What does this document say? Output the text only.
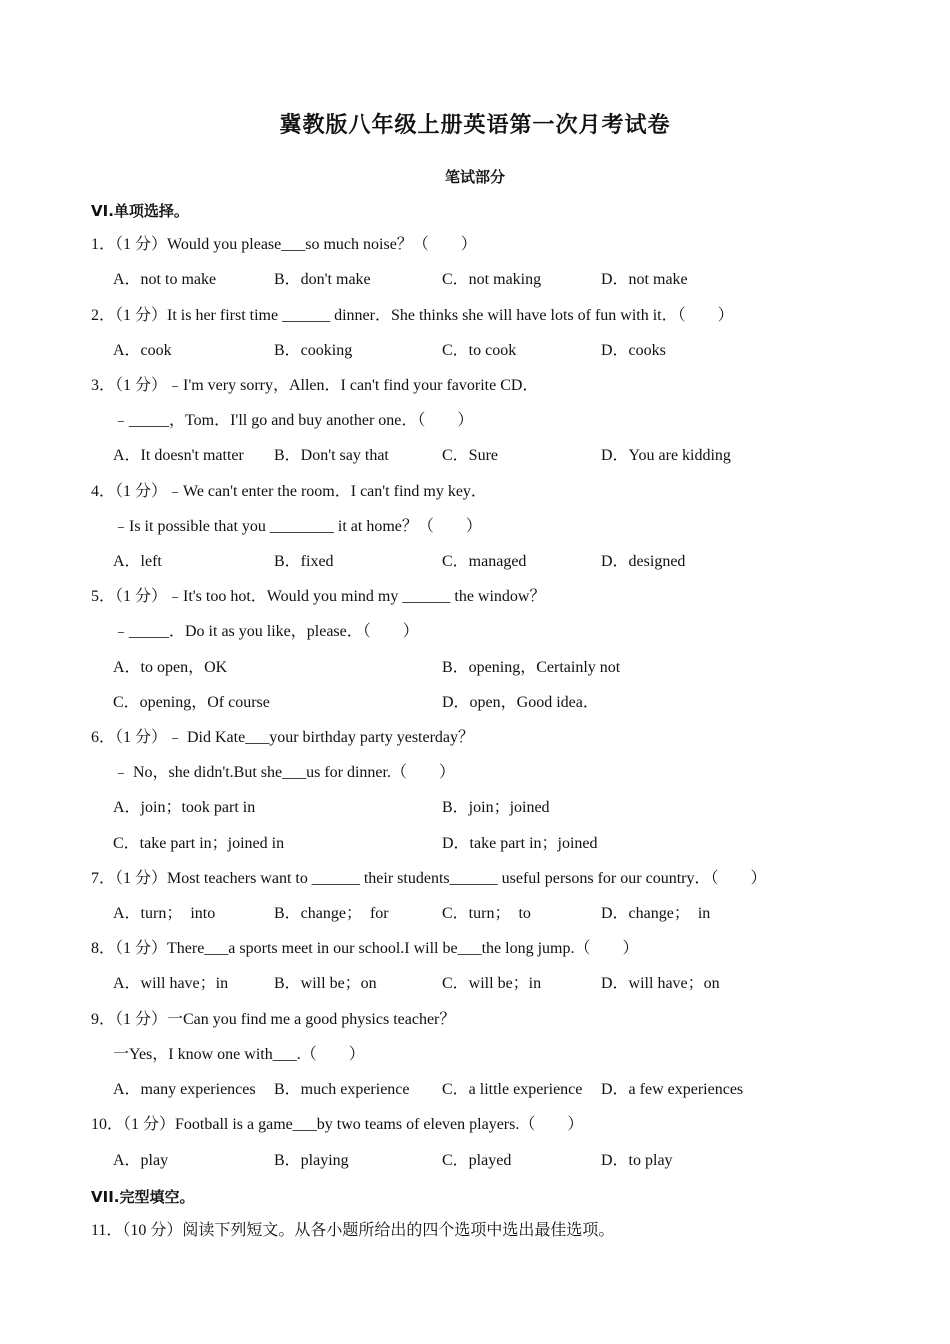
冀教版八年级上册英语第一次月考试卷
笔试部分
VI.单项选择。
1．（1 分）Would you please___so much noise？（　　）
A．not to make	B．don't make	C．not making	D．not make
2．（1 分）It is her first time ______ dinner．She thinks she will have lots of fun with it．（　　）
A．cook	B．cooking	C．to cook	D．cooks
3．（1 分）﹣I'm very sorry，Allen．I can't find your favorite CD．
﹣_____，Tom．I'll go and buy another one．（　　）
A．It doesn't matter B．Don't say that	C．Sure	D．You are kidding
4．（1 分）﹣We can't enter the room．I can't find my key．
﹣Is it possible that you ________ it at home？（　　）
A．left	B．fixed	C．managed	D．designed
5．（1 分）﹣It's too hot．Would you mind my ______ the window？
﹣_____．Do it as you like，please．（　　）
A．to open，OK	B．opening，Certainly not
C．opening，Of course	D．open，Good idea．
6．（1 分）﹣ Did Kate___your birthday party yesterday？
﹣ No，she didn't.But she___us for dinner.（　　）
A．join；took part in	B．join；joined
C．take part in；joined in	D．take part in；joined
7．（1 分）Most teachers want to ______ their students______ useful persons for our country．（　　）
A．turn；　into	B．change；　for	C．turn；　to	D．change；　in
8．（1 分）There___a sports meet in our school.I will be___the long jump.（　　）
A．will have；in	B．will be；on	C．will be；in	D．will have；on
9．（1 分）一Can you find me a good physics teacher？
一Yes，I know one with___.（　　）
A．many experiences B．much experience C．a little experience D．a few experiences
10．（1 分）Football is a game___by two teams of eleven players.（　　）
A．play	B．playing	C．played	D．to play
VII.完型填空。
11．（10 分）阅读下列短文。从各小题所给出的四个选项中选出最佳选项。
